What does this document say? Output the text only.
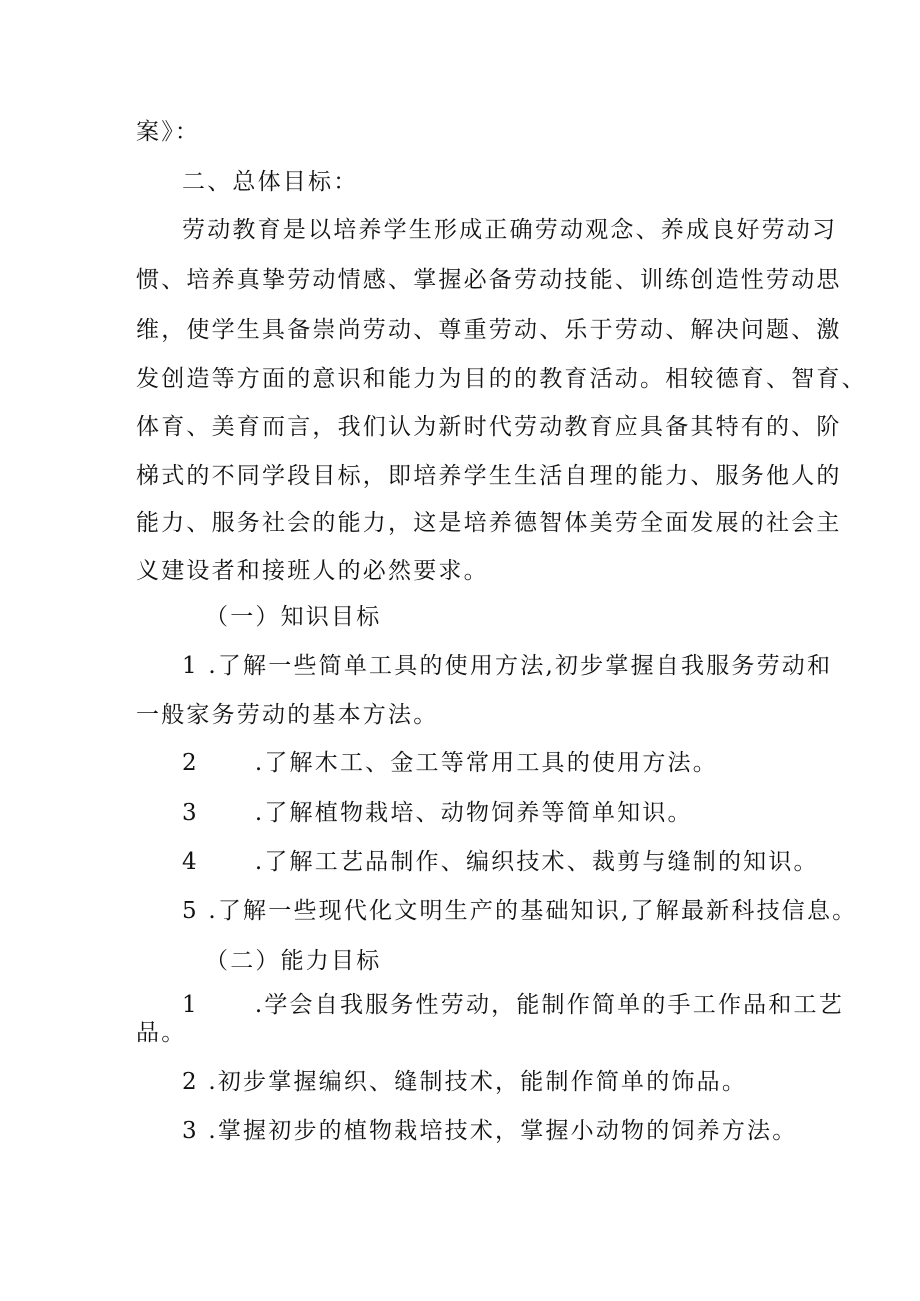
案》：
二、总体目标：
劳动教育是以培养学生形成正确劳动观念、养成良好劳动习
惯、培养真挚劳动情感、掌握必备劳动技能、训练创造性劳动思
维，使学生具备崇尚劳动、尊重劳动、乐于劳动、解决问题、激
发创造等方面的意识和能力为目的的教育活动。相较德育、智育、
体育、美育而言，我们认为新时代劳动教育应具备其特有的、阶
梯式的不同学段目标，即培养学生生活自理的能力、服务他人的
能力、服务社会的能力，这是培养德智体美劳全面发展的社会主
义建设者和接班人的必然要求。
（一）知识目标
1 .了解一些简单工具的使用方法,初步掌握自我服务劳动和
一般家务劳动的基本方法。
2 .了解木工、金工等常用工具的使用方法。
3 .了解植物栽培、动物饲养等简单知识。
4 .了解工艺品制作、编织技术、裁剪与缝制的知识。
5 .了解一些现代化文明生产的基础知识,了解最新科技信息。
（二）能力目标
1 .学会自我服务性劳动，能制作简单的手工作品和工艺
品。
2 .初步掌握编织、缝制技术，能制作简单的饰品。
3 .掌握初步的植物栽培技术，掌握小动物的饲养方法。
